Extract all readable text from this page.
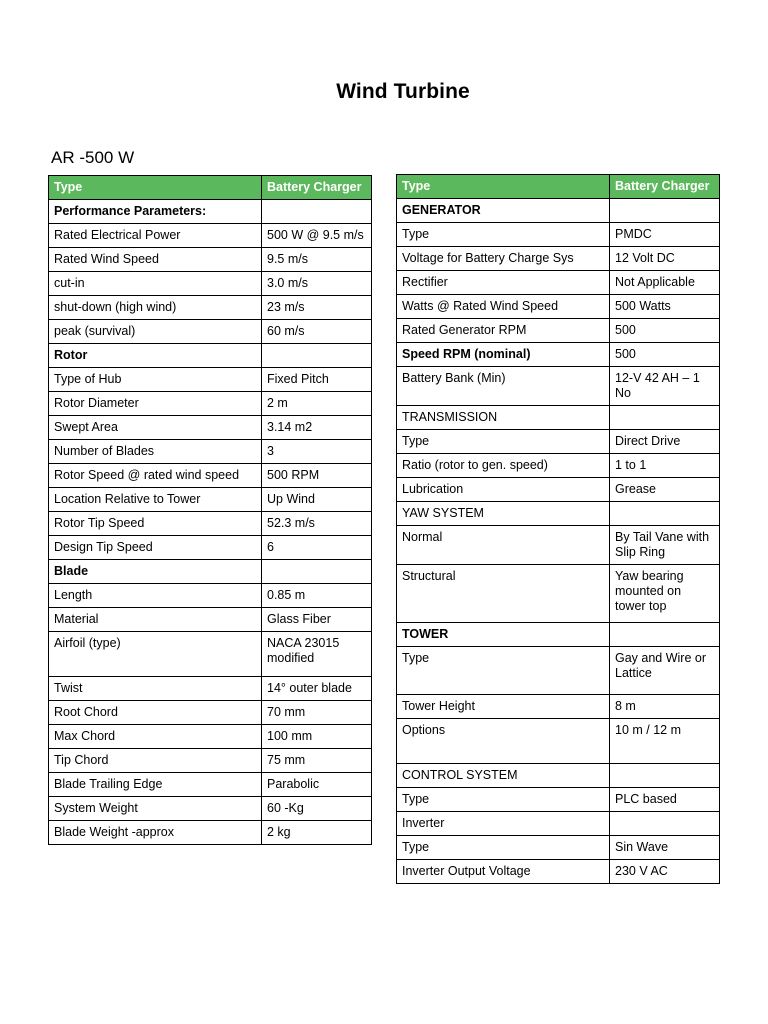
Wind Turbine
AR -500 W
Type	Battery Charger
Performance Parameters:	
Rated Electrical Power	500 W @ 9.5 m/s
Rated Wind Speed	9.5 m/s
cut-in	3.0 m/s
shut-down (high wind)	23 m/s
peak (survival)	60 m/s
Rotor	
Type of Hub	Fixed Pitch
Rotor Diameter	2 m
Swept Area	3.14 m2
Number of Blades	3
Rotor Speed @ rated wind speed	500 RPM
Location Relative to Tower	Up Wind
Rotor Tip Speed	52.3 m/s
Design Tip Speed	6
Blade	
Length	0.85 m
Material	Glass Fiber
Airfoil (type)	NACA 23015 modified
Twist	14° outer blade
Root Chord	70 mm
Max Chord	100 mm
Tip Chord	75 mm
Blade Trailing Edge	Parabolic
System Weight	60 -Kg
Blade Weight -approx	2 kg
Type	Battery Charger
GENERATOR	
Type	PMDC
Voltage for Battery Charge Sys	12 Volt DC
Rectifier	Not Applicable
Watts @ Rated Wind Speed	500 Watts
Rated Generator RPM	500
Speed RPM (nominal)	500
Battery Bank (Min)	12-V 42 AH – 1 No
TRANSMISSION	
Type	Direct Drive
Ratio (rotor to gen. speed)	1 to 1
Lubrication	Grease
YAW SYSTEM	
Normal	By Tail Vane with Slip Ring
Structural	Yaw bearing mounted on tower top
TOWER	
Type	Gay and Wire or Lattice
Tower Height	8 m
Options	10 m / 12 m
CONTROL SYSTEM	
Type	PLC based
Inverter	
Type	Sin Wave
Inverter Output Voltage	230 V AC
